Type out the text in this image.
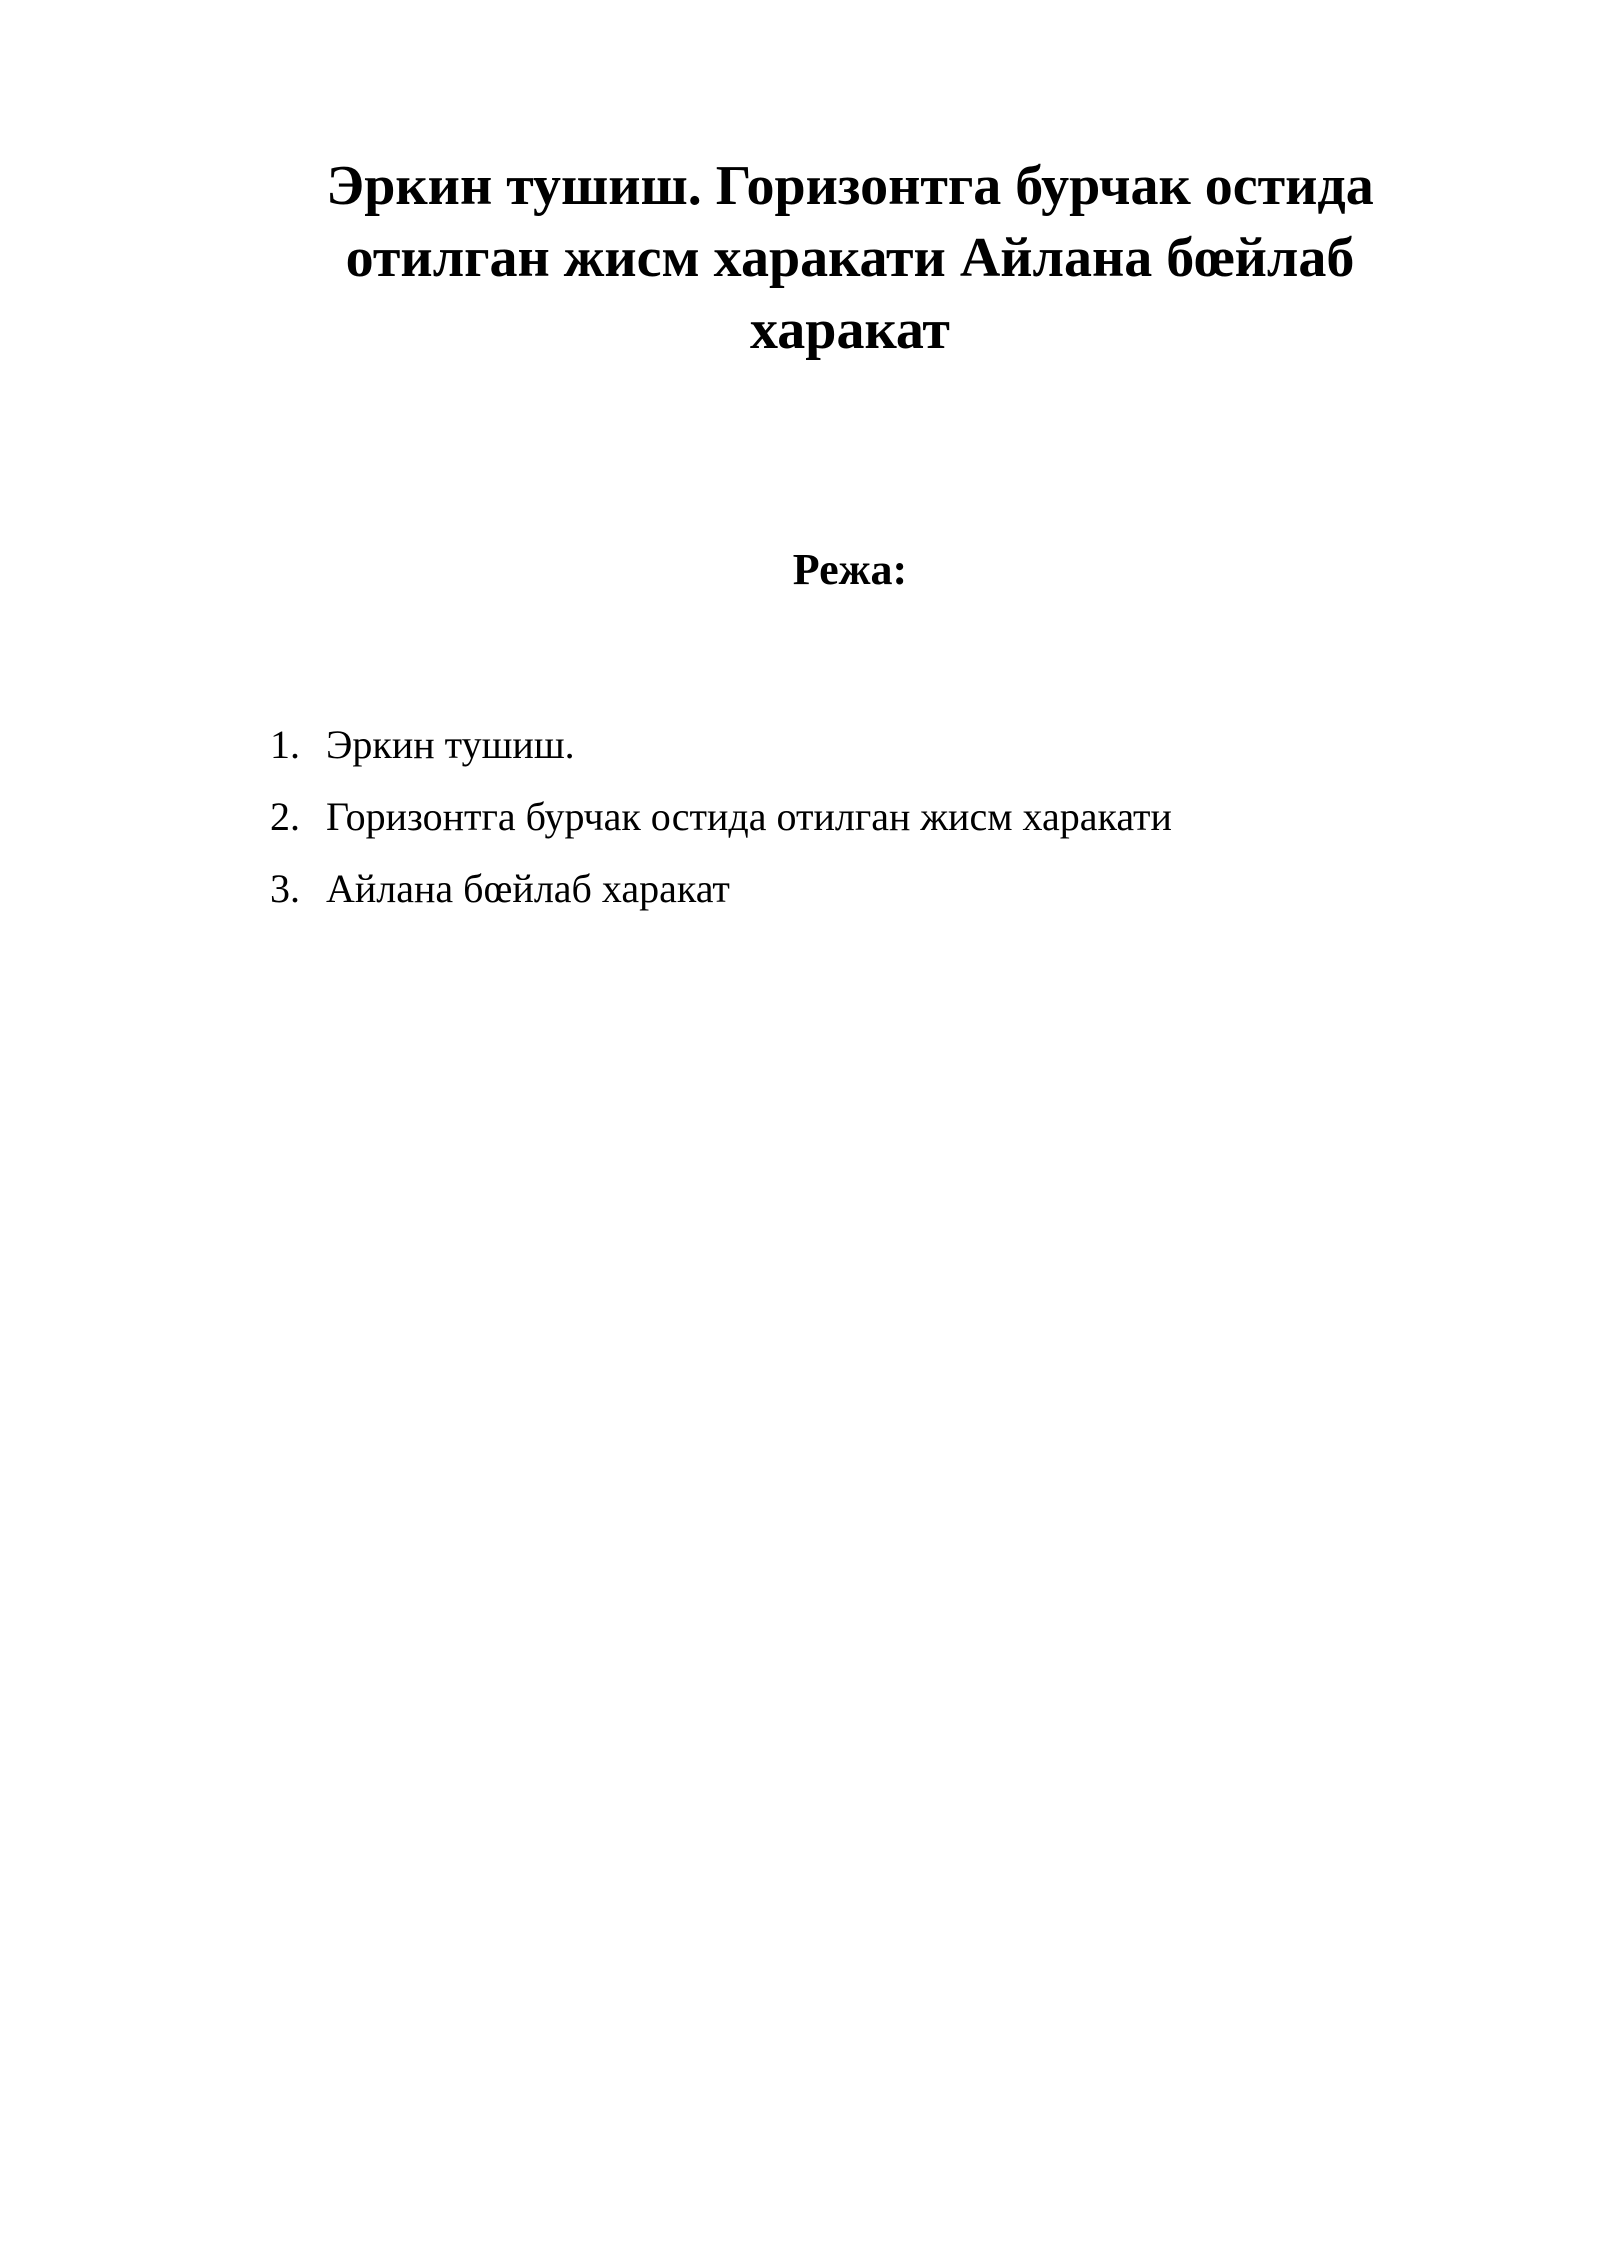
Эркин тушиш. Горизонтга бурчак остида
отилган жисм харакати Айлана бœйлаб
харакат
Режа:
1. Эркин тушиш.
2. Горизонтга бурчак остида отилган жисм харакати
3. Айлана бœйлаб харакат
